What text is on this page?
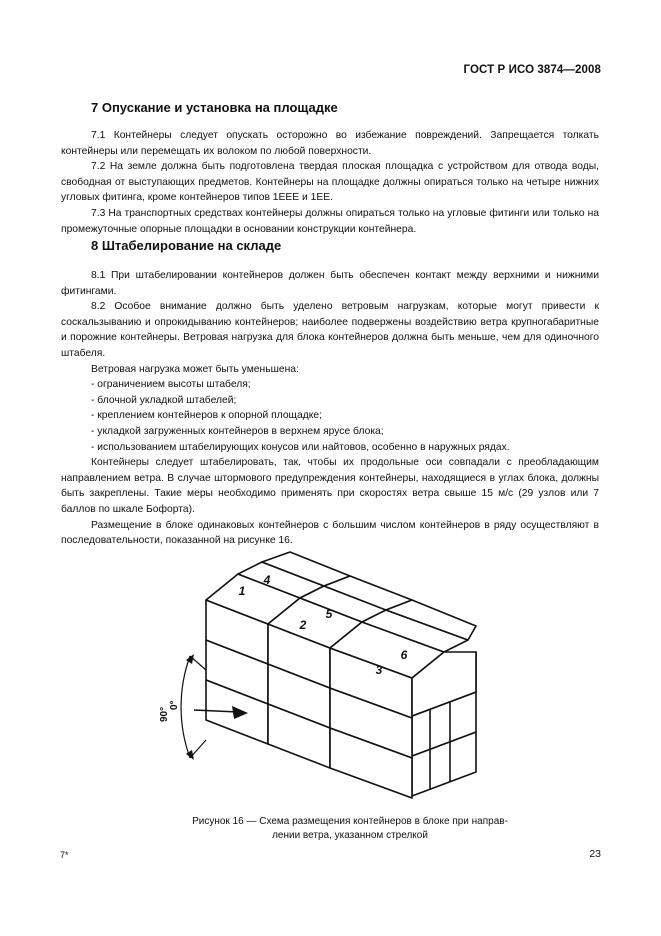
ГОСТ Р ИСО 3874—2008
7 Опускание и установка на площадке

7.1 Контейнеры следует опускать осторожно во избежание повреждений. Запрещается толкать контейнеры или перемещать их волоком по любой поверхности.

7.2 На земле должна быть подготовлена твердая плоская площадка с устройством для отвода воды, свободная от выступающих предметов. Контейнеры на площадке должны опираться только на четыре нижних угловых фитинга, кроме контейнеров типов 1ЕЕЕ и 1ЕЕ.

7.3 На транспортных средствах контейнеры должны опираться только на угловые фитинги или только на промежуточные опорные площадки в основании конструкции контейнера.

8 Штабелирование на складе

8.1 При штабелировании контейнеров должен быть обеспечен контакт между верхними и нижними фитингами.

8.2 Особое внимание должно быть уделено ветровым нагрузкам, которые могут привести к соскальзыванию и опрокидыванию контейнеров; наиболее подвержены воздействию ветра крупногабаритные и порожние контейнеры. Ветровая нагрузка для блока контейнеров должна быть меньше, чем для одиночного штабеля.

Ветровая нагрузка может быть уменьшена:

- ограничением высоты штабеля;

- блочной укладкой штабелей;

- креплением контейнеров к опорной площадке;

- укладкой загруженных контейнеров в верхнем ярусе блока;

- использованием штабелирующих конусов или найтовов, особенно в наружных рядах.

Контейнеры следует штабелировать, так, чтобы их продольные оси совпадали с преобладающим направлением ветра. В случае штормового предупреждения контейнеры, находящиеся в углах блока, должны быть закреплены. Такие меры необходимо применять при скоростях ветра свыше 15 м/с (29 узлов или 7 баллов по шкале Бофорта).

Размещение в блоке одинаковых контейнеров с большим числом контейнеров в ряду осуществляют в последовательности, показанной на рисунке 16.

1
2
3
4
5
6
90°
0°
Рисунок 16 — Схема размещения контейнеров в блоке при направ-
лении ветра, указанном стрелкой
7*	23
